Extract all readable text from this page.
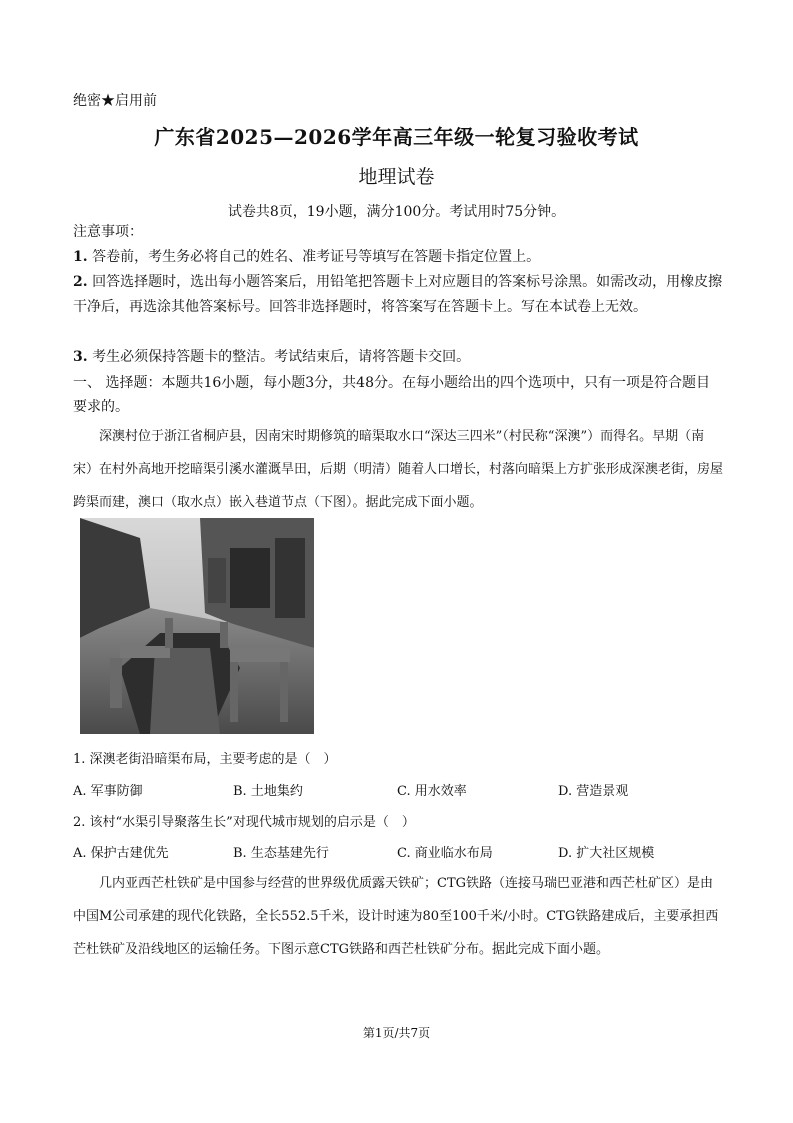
绝密★启用前
广东省2025—2026学年高三年级一轮复习验收考试
地理试卷
试卷共8页，19小题，满分100分。考试用时75分钟。
注意事项：
1. 答卷前，考生务必将自己的姓名、准考证号等填写在答题卡指定位置上。
2. 回答选择题时，选出每小题答案后，用铅笔把答题卡上对应题目的答案标号涂黑。如需改动，用橡皮擦干净后，再选涂其他答案标号。回答非选择题时，将答案写在答题卡上。写在本试卷上无效。
3. 考生必须保持答题卡的整洁。考试结束后，请将答题卡交回。
一、 选择题：本题共16小题，每小题3分，共48分。在每小题给出的四个选项中，只有一项是符合题目要求的。
深澳村位于浙江省桐庐县，因南宋时期修筑的暗渠取水口“深达三四米”（村民称“深澳”）而得名。早期（南宋）在村外高地开挖暗渠引溪水灌溉旱田，后期（明清）随着人口增长，村落向暗渠上方扩张形成深澳老街，房屋跨渠而建，澳口（取水点）嵌入巷道节点（下图）。据此完成下面小题。
1. 深澳老街沿暗渠布局，主要考虑的是（　）
A. 军事防御	B. 土地集约	C. 用水效率	D. 营造景观
2. 该村“水渠引导聚落生长”对现代城市规划的启示是（　）
A. 保护古建优先	B. 生态基建先行	C. 商业临水布局	D. 扩大社区规模
几内亚西芒杜铁矿是中国参与经营的世界级优质露天铁矿；CTG铁路（连接马瑞巴亚港和西芒杜矿区）是由中国M公司承建的现代化铁路，全长552.5千米，设计时速为80至100千米/小时。CTG铁路建成后，主要承担西芒杜铁矿及沿线地区的运输任务。下图示意CTG铁路和西芒杜铁矿分布。据此完成下面小题。
第1页/共7页
